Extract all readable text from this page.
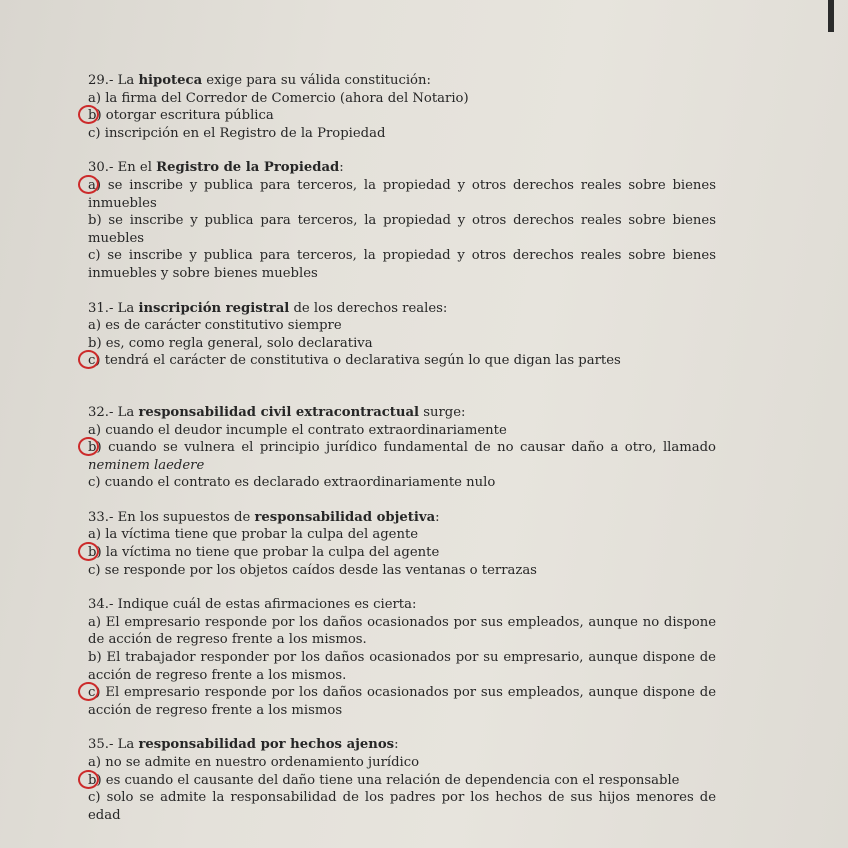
29.- La hipoteca exige para su válida constitución:
a) la firma del Corredor de Comercio (ahora del Notario)
b) otorgar escritura pública
c) inscripción en el Registro de la Propiedad
30.- En el Registro de la Propiedad:
a) se inscribe y publica para terceros, la propiedad y otros derechos reales sobre bienes inmuebles
b) se inscribe y publica para terceros, la propiedad y otros derechos reales sobre bienes muebles
c) se inscribe y publica para terceros, la propiedad y otros derechos reales sobre bienes inmuebles y sobre bienes muebles
31.- La inscripción registral de los derechos reales:
a) es de carácter constitutivo siempre
b) es, como regla general, solo declarativa
c) tendrá el carácter de constitutiva o declarativa según lo que digan las partes
32.- La responsabilidad civil extracontractual surge:
a) cuando el deudor incumple el contrato extraordinariamente
b) cuando se vulnera el principio jurídico fundamental de no causar daño a otro, llamado neminem laedere
c) cuando el contrato es declarado extraordinariamente nulo
33.- En los supuestos de responsabilidad objetiva:
a) la víctima tiene que probar la culpa del agente
b) la víctima no tiene que probar la culpa del agente
c) se responde por los objetos caídos desde las ventanas o terrazas
34.- Indique cuál de estas afirmaciones es cierta:
a) El empresario responde por los daños ocasionados por sus empleados, aunque no dispone de acción de regreso frente a los mismos.
b) El trabajador responder por los daños ocasionados por su empresario, aunque dispone de acción de regreso frente a los mismos.
c) El empresario responde por los daños ocasionados por sus empleados, aunque dispone de acción de regreso frente a los mismos
35.- La responsabilidad por hechos ajenos:
a) no se admite en nuestro ordenamiento jurídico
b) es cuando el causante del daño tiene una relación de dependencia con el responsable
c) solo se admite la responsabilidad de los padres por los hechos de sus hijos menores de edad
